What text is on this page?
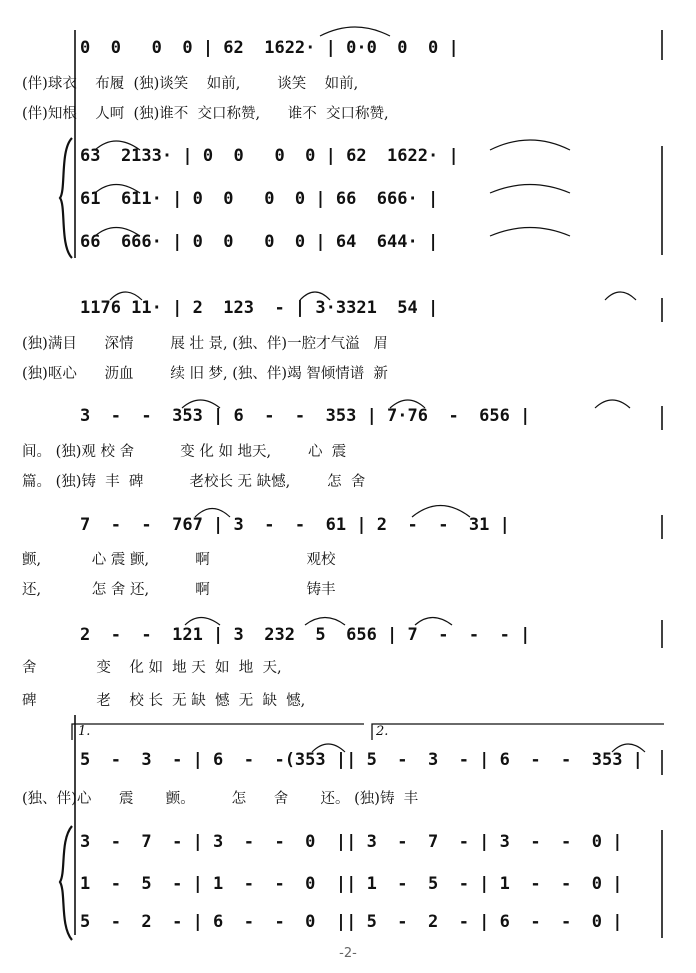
0  0   0  0 | 62  1622· | 0·0  0  0 |
(伴)球衣    布履  (独)谈笑    如前,        谈笑    如前,
(伴)知根    人呵  (独)谁不  交口称赞,      谁不  交口称赞,
63  2133· | 0  0   0  0 | 62  1622· |
61  611· | 0  0   0  0 | 66  666· |
66  666· | 0  0   0  0 | 64  644· |
1176 11· | 2  123  - | 3·3321  54 |
(独)满目      深情        展 壮 景, (独、伴)一腔才气溢   眉
(独)呕心      沥血        续 旧 梦, (独、伴)竭 智倾情谱  新
3  -  -  353 | 6  -  -  353 | 7·76  -  656 |
间。 (独)观 校 舍          变 化 如 地天,        心  震
篇。 (独)铸  丰  碑          老校长 无 缺憾,        怎  舍
7  -  -  767 | 3  -  -  61 | 2  -  -  31 |
颤,           心 震 颤,          啊                     观校
还,           怎 舍 还,          啊                     铸丰
2  -  -  121 | 3  232  5  656 | 7  -  -  - |
舍             变    化 如  地 天  如  地  天,
碑             老    校 长  无 缺  憾  无  缺  憾,
1.	2.
5  -  3  - | 6  -  -(353 || 5  -  3  - | 6  -  -  353 |
(独、伴)心      震       颤。        怎      舍       还。 (独)铸  丰
3  -  7  - | 3  -  -  0  || 3  -  7  - | 3  -  -  0 |
1  -  5  - | 1  -  -  0  || 1  -  5  - | 1  -  -  0 |
5  -  2  - | 6  -  -  0  || 5  -  2  - | 6  -  -  0 |
-2-
